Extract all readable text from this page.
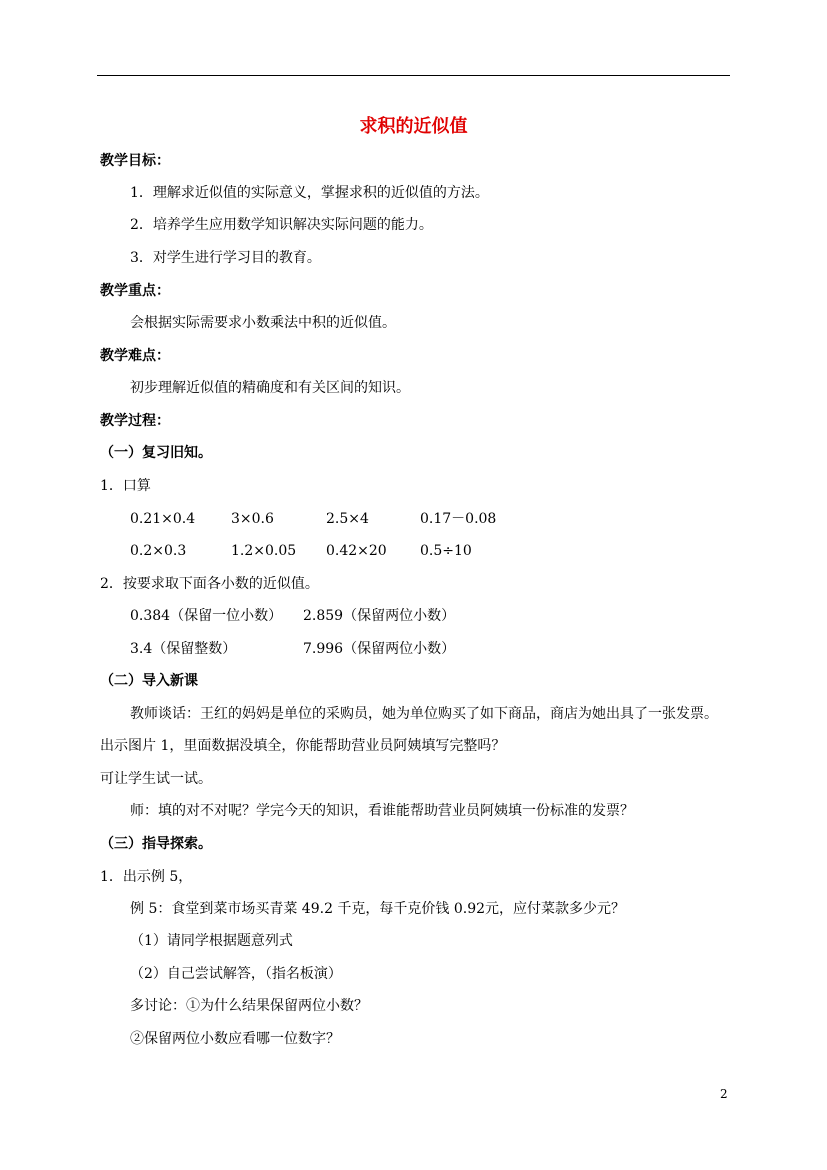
求积的近似值
教学目标：
1．理解求近似值的实际意义，掌握求积的近似值的方法。
2．培养学生应用数学知识解决实际问题的能力。
3．对学生进行学习目的教育。
教学重点：
会根据实际需要求小数乘法中积的近似值。
教学难点：
初步理解近似值的精确度和有关区间的知识。
教学过程：
（一）复习旧知。
1．口算
0.21×0.4	3×0.6	2.5×4	0.17－0.08
0.2×0.3	1.2×0.05 0.42×20 0.5÷10
2．按要求取下面各小数的近似值。
0.384（保留一位小数） 2.859（保留两位小数）
3.4（保留整数）	7.996（保留两位小数）
（二）导入新课
教师谈话：王红的妈妈是单位的采购员，她为单位购买了如下商品，商店为她出具了一张发票。
出示图片 1，里面数据没填全，你能帮助营业员阿姨填写完整吗？
可让学生试一试。
师：填的对不对呢？学完今天的知识，看谁能帮助营业员阿姨填一份标准的发票？
（三）指导探索。
1．出示例 5，
例 5：食堂到菜市场买青菜 49.2 千克，每千克价钱 0.92元，应付菜款多少元？
（1）请同学根据题意列式
（2）自己尝试解答，（指名板演）
多讨论：①为什么结果保留两位小数？
②保留两位小数应看哪一位数字？
2
